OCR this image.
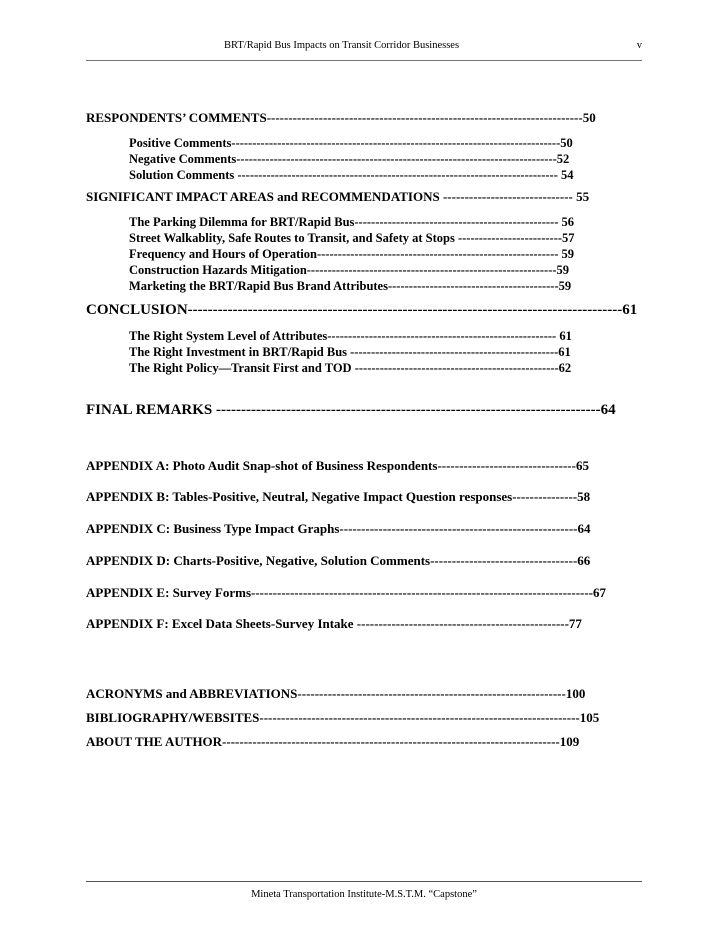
BRT/Rapid Bus Impacts on Transit Corridor Businesses	v
RESPONDENTS’ COMMENTS-------------------------------------------------------------------------50
Positive Comments-------------------------------------------------------------------------------50
Negative Comments-----------------------------------------------------------------------------52
Solution Comments ----------------------------------------------------------------------------- 54
SIGNIFICANT IMPACT AREAS and RECOMMENDATIONS ------------------------------ 55
The Parking Dilemma for BRT/Rapid Bus------------------------------------------------- 56
Street Walkablity, Safe Routes to Transit, and Safety at Stops -------------------------57
Frequency and Hours of Operation---------------------------------------------------------- 59
Construction Hazards Mitigation------------------------------------------------------------59
Marketing the BRT/Rapid Bus Brand Attributes-----------------------------------------59
CONCLUSION---------------------------------------------------------------------------------------61
The Right System Level of Attributes------------------------------------------------------- 61
The Right Investment in BRT/Rapid Bus --------------------------------------------------61
The Right Policy—Transit First and TOD -------------------------------------------------62
FINAL REMARKS -----------------------------------------------------------------------------64
APPENDIX A: Photo Audit Snap-shot of Business Respondents--------------------------------65
APPENDIX B: Tables-Positive, Neutral, Negative Impact Question responses---------------58
APPENDIX C: Business Type Impact Graphs-------------------------------------------------------64
APPENDIX D: Charts-Positive, Negative, Solution Comments----------------------------------66
APPENDIX E: Survey Forms-------------------------------------------------------------------------------67
APPENDIX F: Excel Data Sheets-Survey Intake -------------------------------------------------77
ACRONYMS and ABBREVIATIONS--------------------------------------------------------------100
BIBLIOGRAPHY/WEBSITES--------------------------------------------------------------------------105
ABOUT THE AUTHOR------------------------------------------------------------------------------109
Mineta Transportation Institute-M.S.T.M. “Capstone”
